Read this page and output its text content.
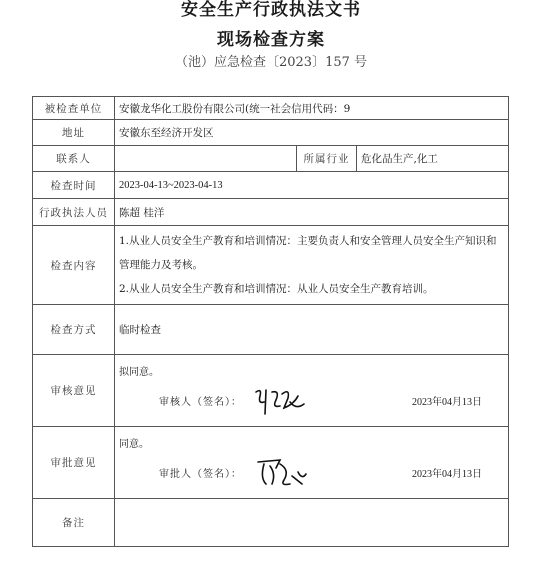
安全生产行政执法文书
现场检查方案
（池）应急检查〔2023〕157 号
被检查单位	安徽龙华化工股份有限公司(统一社会信用代码：9		
地址	安徽东至经济开发区		
联系人		所属行业	危化品生产,化工
检查时间	2023-04-13~2023-04-13		
行政执法人员	陈超 桂洋		
检查内容	1.从业人员安全生产教育和培训情况：主要负责人和安全管理人员安全生产知识和管理能力及考核。
2.从业人员安全生产教育和培训情况：从业人员安全生产教育培训。		

检查方式	临时检查		
审核意见	拟同意。
审核人（签名）： 2023年04月13日		

审批意见	同意。
审批人（签名）： 2023年04月13日		

备注			
